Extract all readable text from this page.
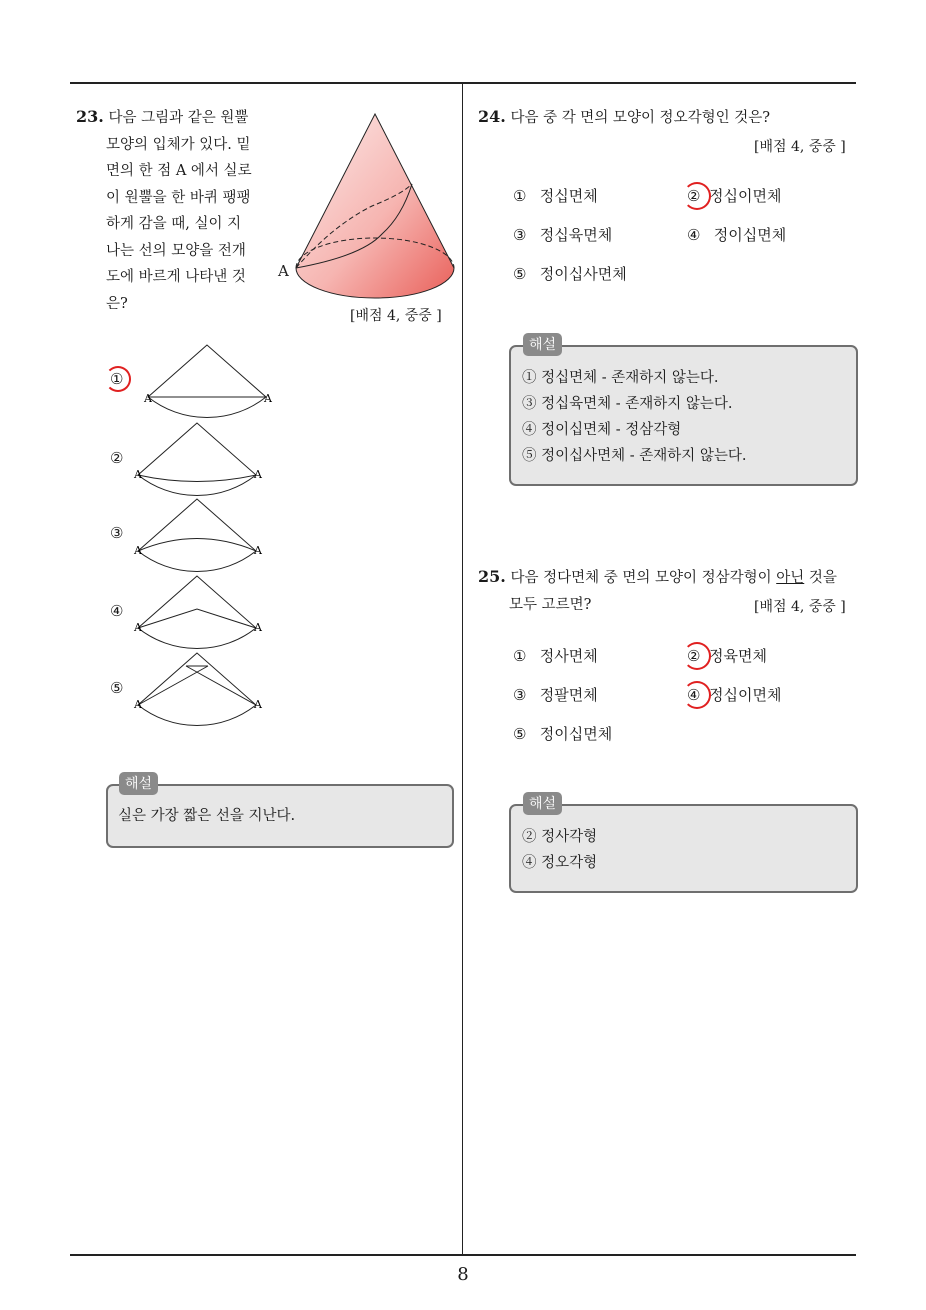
8
23. 다음 그림과 같은 원뿔
모양의 입체가 있다. 밑
면의 한 점 A 에서 실로
이 원뿔을 한 바퀴 팽팽
하게 감을 때, 실이 지
나는 선의 모양을 전개
도에 바르게 나타낸 것
은?
A
[배점 4, 중중 ]
①
A	A
②
A	A
③
A	A
④
A	A
⑤
A	A
해설
실은 가장 짧은 선을 지난다.
24. 다음 중 각 면의 모양이 정오각형인 것은?
[배점 4, 중중 ]
① 정십면체	② 정십이면체
③ 정십육면체	④ 정이십면체
⑤ 정이십사면체
해설
① 정십면체 - 존재하지 않는다.
③ 정십육면체 - 존재하지 않는다.
④ 정이십면체 - 정삼각형
⑤ 정이십사면체 - 존재하지 않는다.
25. 다음 정다면체 중 면의 모양이 정삼각형이 아닌 것을
모두 고르면?	[배점 4, 중중 ]
① 정사면체	② 정육면체
③ 정팔면체	④ 정십이면체
⑤ 정이십면체
해설
② 정사각형
④ 정오각형
